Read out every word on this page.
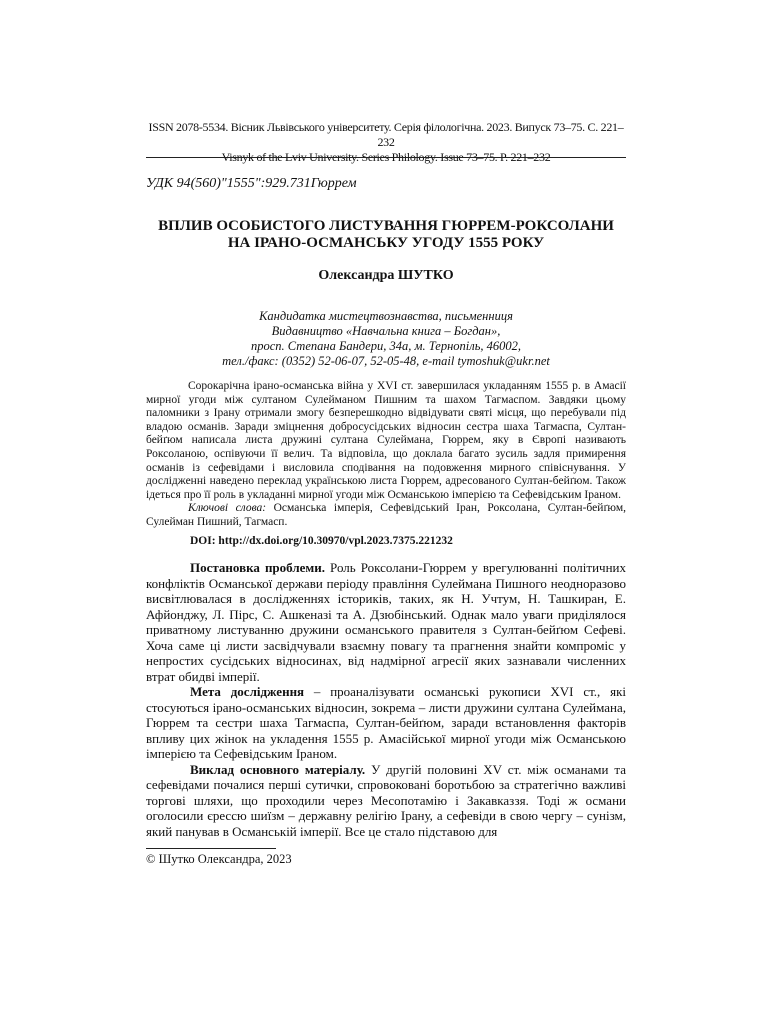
ISSN 2078-5534. Вісник Львівського університету. Серія філологічна. 2023. Випуск 73–75. С. 221–232
Visnyk of the Lviv University. Series Philology. Issue 73–75. P. 221–232
УДК 94(560)"1555":929.731Гюррем
ВПЛИВ ОСОБИСТОГО ЛИСТУВАННЯ ГЮРРЕМ-РОКСОЛАНИ
НА ІРАНО-ОСМАНСЬКУ УГОДУ 1555 РОКУ
Олександра ШУТКО
Кандидатка мистецтвознавства, письменниця
Видавництво «Навчальна книга – Богдан»,
просп. Степана Бандери, 34а, м. Тернопіль, 46002,
тел./факс: (0352) 52-06-07, 52-05-48, e-mail tymoshuk@ukr.net

Сорокарічна ірано-османська війна у XVI ст. завершилася укладанням 1555 р. в Амасії мирної угоди між султаном Сулейманом Пишним та шахом Тагмаспом. Завдяки цьому паломники з Ірану отримали змогу безперешкодно відвідувати святі місця, що перебували під владою османів. Заради зміцнення добросусідських відносин сестра шаха Тагмаспа, Султан-бейґюм написала листа дружині султана Сулеймана, Гюррем, яку в Європі називають Роксоланою, оспівуючи її велич. Та відповіла, що доклала багато зусиль задля примирення османів із сефевідами і висловила сподівання на подовження мирного співіснування. У дослідженні наведено переклад українською листа Гюррем, адресованого Султан-бейґюм. Також ідеться про її роль в укладанні мирної угоди між Османською імперією та Сефевідським Іраном.

Ключові слова: Османська імперія, Сефевідський Іран, Роксолана, Султан-бейґюм, Сулейман Пишний, Тагмасп.

DOI: http://dx.doi.org/10.30970/vpl.2023.7375.221232

Постановка проблеми. Роль Роксолани-Гюррем у врегулюванні політичних конфліктів Османської держави періоду правління Сулеймана Пишного неодноразово висвітлювалася в дослідженнях істориків, таких, як Н. Учтум, Н. Ташкиран, Е. Афйонджу, Л. Пірс, С. Ашкеназі та А. Дзюбінський. Однак мало уваги приділялося приватному листуванню дружини османського правителя з Султан-бейґюм Сефеві. Хоча саме ці листи засвідчували взаємну повагу та прагнення знайти компроміс у непростих сусідських відносинах, від надмірної агресії яких зазнавали численних втрат обидві імперії.

Мета дослідження – проаналізувати османські рукописи XVI ст., які стосуються ірано-османських відносин, зокрема – листи дружини султана Сулеймана, Гюррем та сестри шаха Тагмаспа, Султан-бейґюм, заради встановлення факторів впливу цих жінок на укладення 1555 р. Амасійської мирної угоди між Османською імперією та Сефевідським Іраном.

Виклад основного матеріалу. У другій половині XV ст. між османами та сефевідами почалися перші сутички, спровоковані боротьбою за стратегічно важливі торгові шляхи, що проходили через Месопотамію і Закавказзя. Тоді ж османи оголосили єрессю шиїзм – державну релігію Ірану, а сефевіди в свою чергу – сунізм, який панував в Османській імперії. Все це стало підставою для

© Шутко Олександра, 2023
